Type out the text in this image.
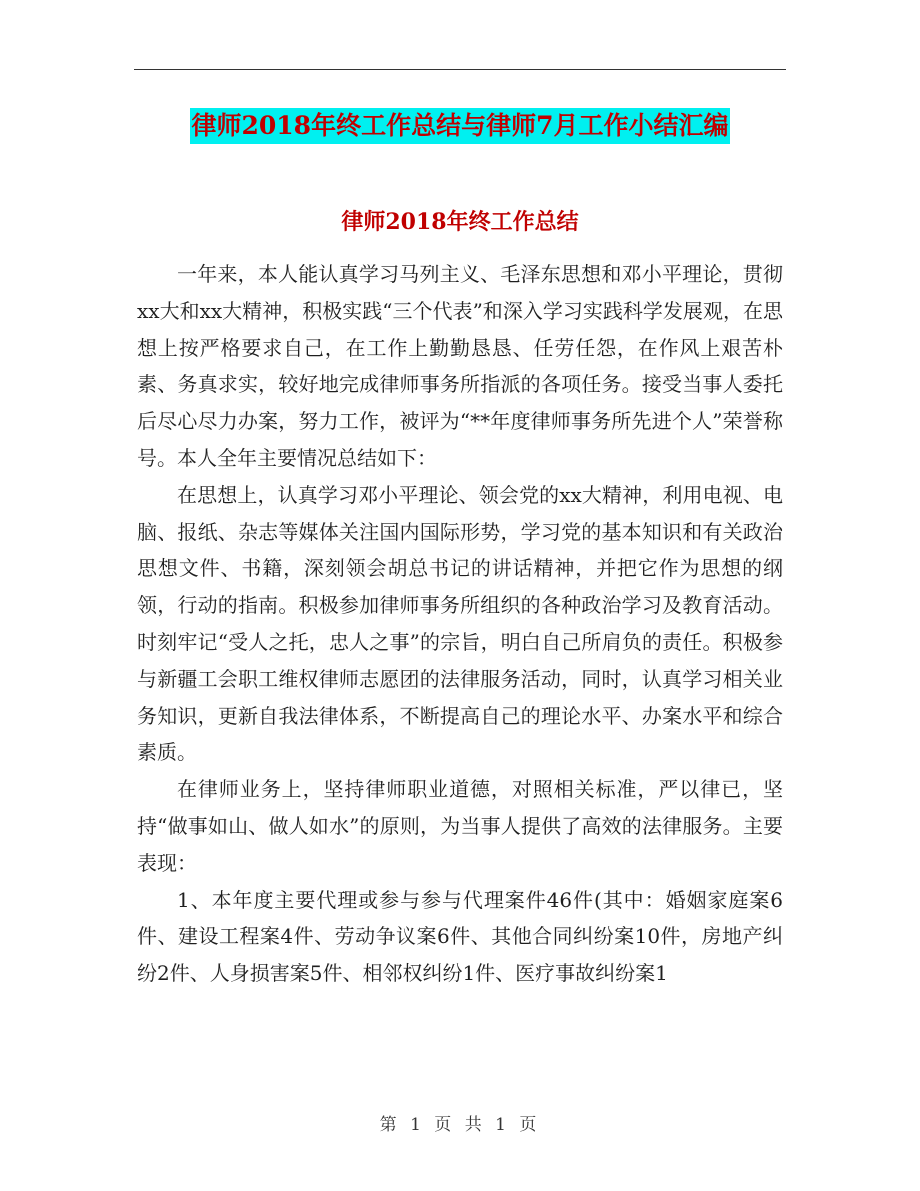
律师2018年终工作总结与律师7月工作小结汇编
律师2018年终工作总结

一年来，本人能认真学习马列主义、毛泽东思想和邓小平理论，贯彻xx大和xx大精神，积极实践“三个代表”和深入学习实践科学发展观，在思想上按严格要求自己，在工作上勤勤恳恳、任劳任怨，在作风上艰苦朴素、务真求实，较好地完成律师事务所指派的各项任务。接受当事人委托后尽心尽力办案，努力工作，被评为“**年度律师事务所先进个人”荣誉称号。本人全年主要情况总结如下：

在思想上，认真学习邓小平理论、领会党的xx大精神，利用电视、电脑、报纸、杂志等媒体关注国内国际形势，学习党的基本知识和有关政治思想文件、书籍，深刻领会胡总书记的讲话精神，并把它作为思想的纲领，行动的指南。积极参加律师事务所组织的各种政治学习及教育活动。时刻牢记“受人之托，忠人之事”的宗旨，明白自己所肩负的责任。积极参与新疆工会职工维权律师志愿团的法律服务活动，同时，认真学习相关业务知识，更新自我法律体系，不断提高自己的理论水平、办案水平和综合素质。

在律师业务上，坚持律师职业道德，对照相关标准，严以律已，坚持“做事如山、做人如水”的原则，为当事人提供了高效的法律服务。主要表现：

1、本年度主要代理或参与参与代理案件46件(其中：婚姻家庭案6件、建设工程案4件、劳动争议案6件、其他合同纠纷案10件，房地产纠纷2件、人身损害案5件、相邻权纠纷1件、医疗事故纠纷案1

第 1 页 共 1 页
